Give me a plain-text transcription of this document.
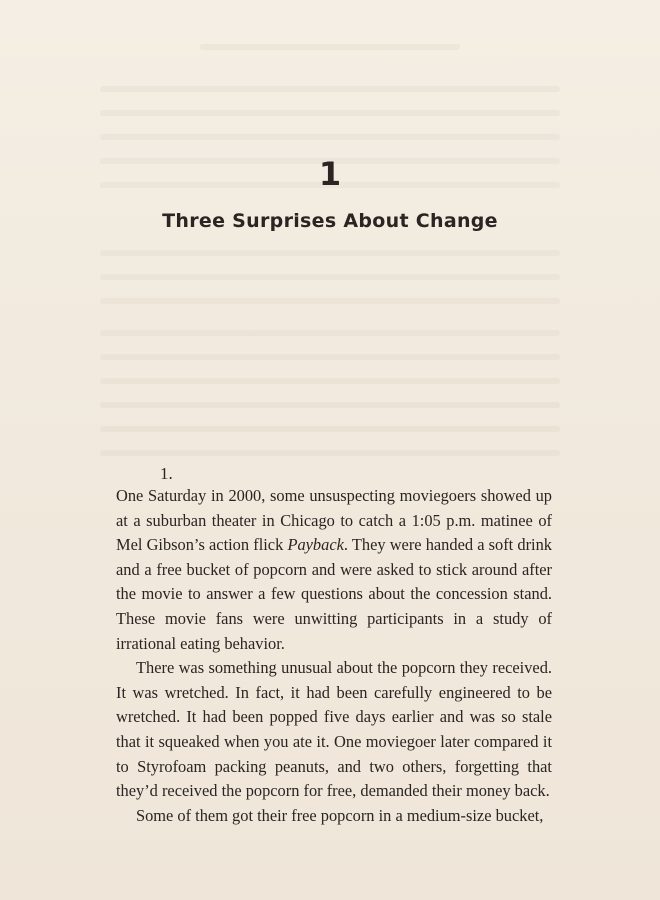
1
Three Surprises About Change
1.

One Saturday in 2000, some unsuspecting moviegoers showed up at a suburban theater in Chicago to catch a 1:05 p.m. matinee of Mel Gibson’s action flick Payback. They were handed a soft drink and a free bucket of popcorn and were asked to stick around after the movie to answer a few questions about the concession stand. These movie fans were unwitting participants in a study of irrational eating behavior.

There was something unusual about the popcorn they received. It was wretched. In fact, it had been carefully engineered to be wretched. It had been popped five days earlier and was so stale that it squeaked when you ate it. One moviegoer later compared it to Styrofoam packing peanuts, and two others, forgetting that they’d received the popcorn for free, demanded their money back.

Some of them got their free popcorn in a medium-size bucket,
